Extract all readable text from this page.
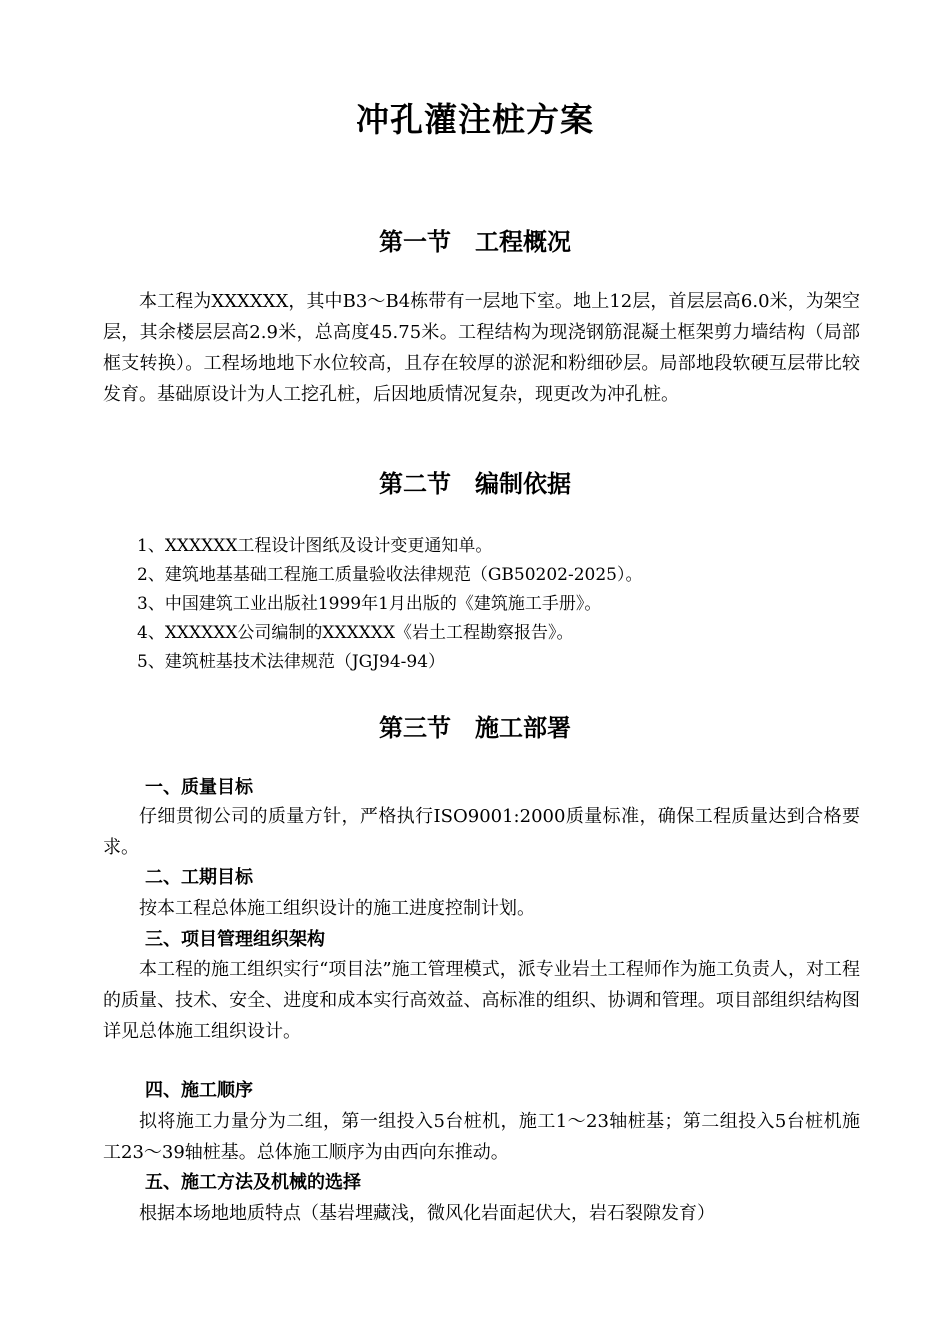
冲孔灌注桩方案
第一节　工程概况

本工程为XXXXXX，其中B3～B4栋带有一层地下室。地上12层，首层层高6.0米，为架空层，其余楼层层高2.9米，总高度45.75米。工程结构为现浇钢筋混凝土框架剪力墙结构（局部框支转换）。工程场地地下水位较高，且存在较厚的淤泥和粉细砂层。局部地段软硬互层带比较发育。基础原设计为人工挖孔桩，后因地质情况复杂，现更改为冲孔桩。

第二节　编制依据
1、XXXXXX工程设计图纸及设计变更通知单。
2、建筑地基基础工程施工质量验收法律规范（GB50202-2025）。
3、中国建筑工业出版社1999年1月出版的《建筑施工手册》。
4、XXXXXX公司编制的XXXXXX《岩土工程勘察报告》。
5、建筑桩基技术法律规范（JGJ94-94）
第三节　施工部署
一、质量目标

仔细贯彻公司的质量方针，严格执行ISO9001:2000质量标准，确保工程质量达到合格要求。

二、工期目标

按本工程总体施工组织设计的施工进度控制计划。

三、项目管理组织架构

本工程的施工组织实行“项目法”施工管理模式，派专业岩土工程师作为施工负责人，对工程的质量、技术、安全、进度和成本实行高效益、高标准的组织、协调和管理。项目部组织结构图详见总体施工组织设计。

四、施工顺序

拟将施工力量分为二组，第一组投入5台桩机，施工1～23轴桩基；第二组投入5台桩机施工23～39轴桩基。总体施工顺序为由西向东推动。

五、施工方法及机械的选择

根据本场地地质特点（基岩埋藏浅，微风化岩面起伏大，岩石裂隙发育）
